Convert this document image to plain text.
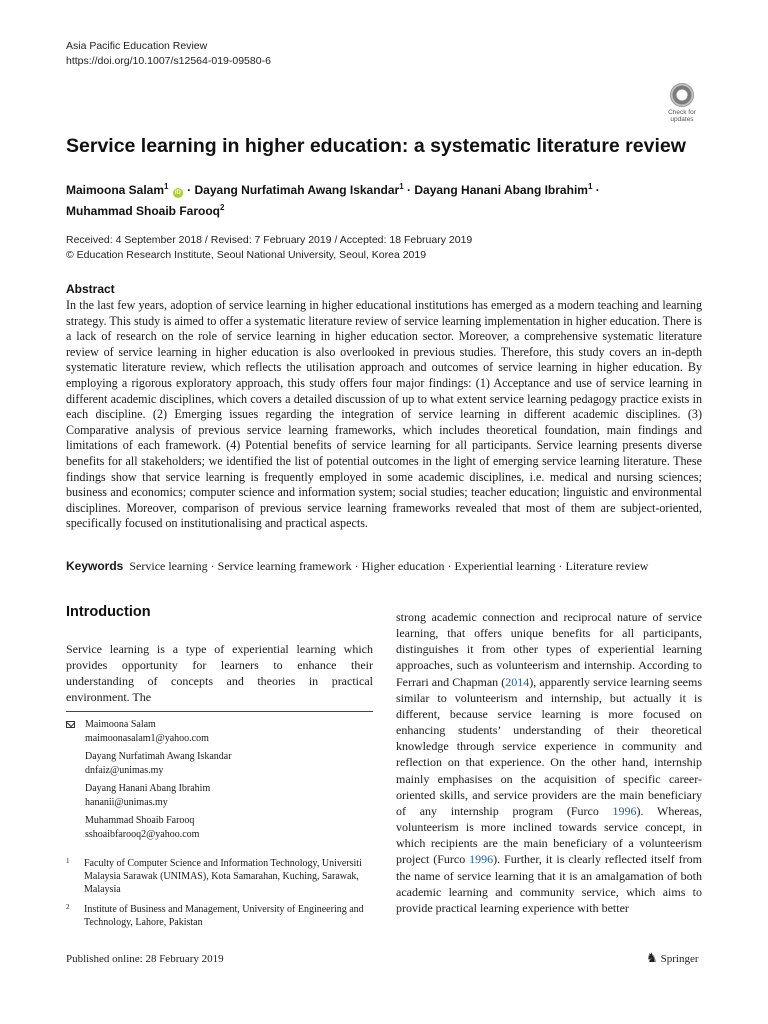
Asia Pacific Education Review
https://doi.org/10.1007/s12564-019-09580-6
Check for
updates
Service learning in higher education: a systematic literature review
Maimoona Salam$^1$ iD · Dayang Nurfatimah Awang Iskandar$^1$ · Dayang Hanani Abang Ibrahim$^1$ ·
Muhammad Shoaib Farooq$^2$
Received: 4 September 2018 / Revised: 7 February 2019 / Accepted: 18 February 2019
© Education Research Institute, Seoul National University, Seoul, Korea 2019
Abstract
In the last few years, adoption of service learning in higher educational institutions has emerged as a modern teaching and learning strategy. This study is aimed to offer a systematic literature review of service learning implementation in higher education. There is a lack of research on the role of service learning in higher education sector. Moreover, a comprehensive systematic literature review of service learning in higher education is also overlooked in previous studies. Therefore, this study covers an in-depth systematic literature review, which reflects the utilisation approach and outcomes of service learning in higher education. By employing a rigorous exploratory approach, this study offers four major findings: (1) Acceptance and use of service learning in different academic disciplines, which covers a detailed discussion of up to what extent service learning pedagogy practice exists in each discipline. (2) Emerging issues regarding the integration of service learning in different academic disciplines. (3) Comparative analysis of previous service learning frameworks, which includes theoretical foundation, main findings and limitations of each framework. (4) Potential benefits of service learning for all participants. Service learning presents diverse benefits for all stakeholders; we identified the list of potential outcomes in the light of emerging service learning literature. These findings show that service learning is frequently employed in some academic disciplines, i.e. medical and nursing sciences; business and economics; computer science and information system; social studies; teacher education; linguistic and environmental disciplines. Moreover, comparison of previous service learning frameworks revealed that most of them are subject-oriented, specifically focused on institutionalising and practical aspects.
Keywords Service learning · Service learning framework · Higher education · Experiential learning · Literature review
Introduction
Service learning is a type of experiential learning which provides opportunity for learners to enhance their understanding of concepts and theories in practical environment. The
strong academic connection and reciprocal nature of service learning, that offers unique benefits for all participants, distinguishes it from other types of experiential learning approaches, such as volunteerism and internship. According to Ferrari and Chapman (2014), apparently service learning seems similar to volunteerism and internship, but actually it is different, because service learning is more focused on enhancing students’ understanding of their theoretical knowledge through service experience in community and reflection on that experience. On the other hand, internship mainly emphasises on the acquisition of specific career-oriented skills, and service providers are the main beneficiary of any internship program (Furco 1996). Whereas, volunteerism is more inclined towards service concept, in which recipients are the main beneficiary of a volunteerism project (Furco 1996). Further, it is clearly reflected itself from the name of service learning that it is an amalgamation of both academic learning and community service, which aims to provide practical learning experience with better
Maimoona Salam
maimoonasalam1@yahoo.com
Dayang Nurfatimah Awang Iskandar
dnfaiz@unimas.my
Dayang Hanani Abang Ibrahim
hananii@unimas.my
Muhammad Shoaib Farooq
sshoaibfarooq2@yahoo.com
1 Faculty of Computer Science and Information Technology, Universiti Malaysia Sarawak (UNIMAS), Kota Samarahan, Kuching, Sarawak, Malaysia
2 Institute of Business and Management, University of Engineering and Technology, Lahore, Pakistan
Published online: 28 February 2019	♞ Springer
